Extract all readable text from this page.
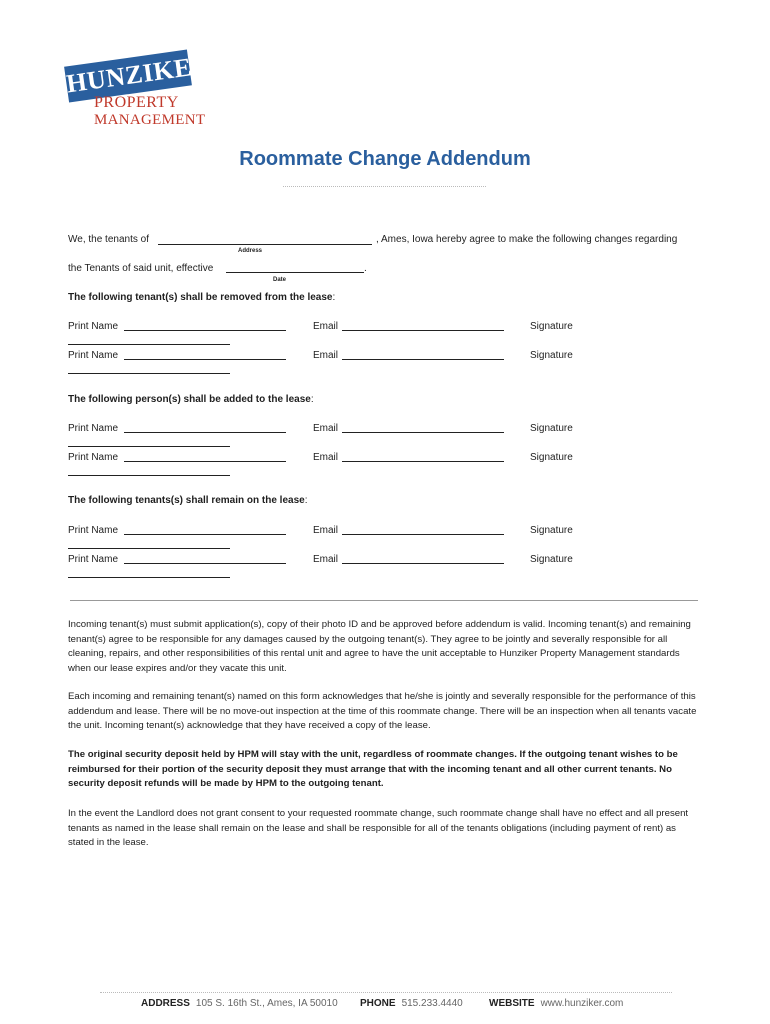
HUNZIKER
PROPERTY
MANAGEMENT
Roommate Change Addendum
We, the tenants of	, Ames, Iowa hereby agree to make the following changes regarding
Address
the Tenants of said unit, effective	.
Date
The following tenant(s) shall be removed from the lease:
Print Name	Email	Signature
Print Name	Email	Signature
The following person(s) shall be added to the lease:
Print Name	Email	Signature
Print Name	Email	Signature
The following tenants(s) shall remain on the lease:
Print Name	Email	Signature
Print Name	Email	Signature
Incoming tenant(s) must submit application(s), copy of their photo ID and be approved before addendum is valid. Incoming tenant(s) and remaining tenant(s) agree to be responsible for any damages caused by the outgoing tenant(s). They agree to be jointly and severally responsible for all cleaning, repairs, and other responsibilities of this rental unit and agree to have the unit acceptable to Hunziker Property Management standards when our lease expires and/or they vacate this unit.
Each incoming and remaining tenant(s) named on this form acknowledges that he/she is jointly and severally responsible for the performance of this addendum and lease. There will be no move-out inspection at the time of this roommate change. There will be an inspection when all tenants vacate the unit. Incoming tenant(s) acknowledge that they have received a copy of the lease.
The original security deposit held by HPM will stay with the unit, regardless of roommate changes. If the outgoing tenant wishes to be reimbursed for their portion of the security deposit they must arrange that with the incoming tenant and all other current tenants. No security deposit refunds will be made by HPM to the outgoing tenant.
In the event the Landlord does not grant consent to your requested roommate change, such roommate change shall have no effect and all present tenants as named in the lease shall remain on the lease and shall be responsible for all of the tenants obligations (including payment of rent) as stated in the lease.
ADDRESS 105 S. 16th St., Ames, IA 50010 PHONE 515.233.4440	WEBSITE www.hunziker.com
